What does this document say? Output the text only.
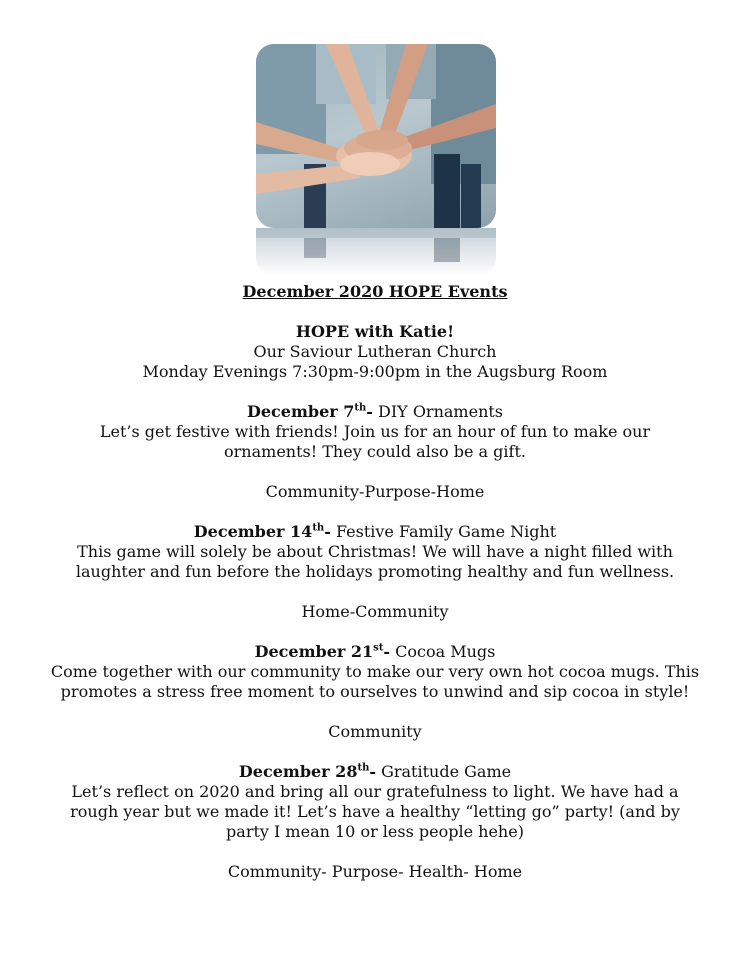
December 2020 HOPE Events
HOPE with Katie!
Our Saviour Lutheran Church
Monday Evenings 7:30pm-9:00pm in the Augsburg Room
December 7th- DIY Ornaments
Let’s get festive with friends! Join us for an hour of fun to make our ornaments! They could also be a gift.
Community-Purpose-Home
December 14th- Festive Family Game Night
This game will solely be about Christmas! We will have a night filled with laughter and fun before the holidays promoting healthy and fun wellness.
Home-Community
December 21st- Cocoa Mugs
Come together with our community to make our very own hot cocoa mugs. This promotes a stress free moment to ourselves to unwind and sip cocoa in style!
Community
December 28th- Gratitude Game
Let’s reflect on 2020 and bring all our gratefulness to light. We have had a rough year but we made it! Let’s have a healthy “letting go” party! (and by party I mean 10 or less people hehe)
Community- Purpose- Health- Home
